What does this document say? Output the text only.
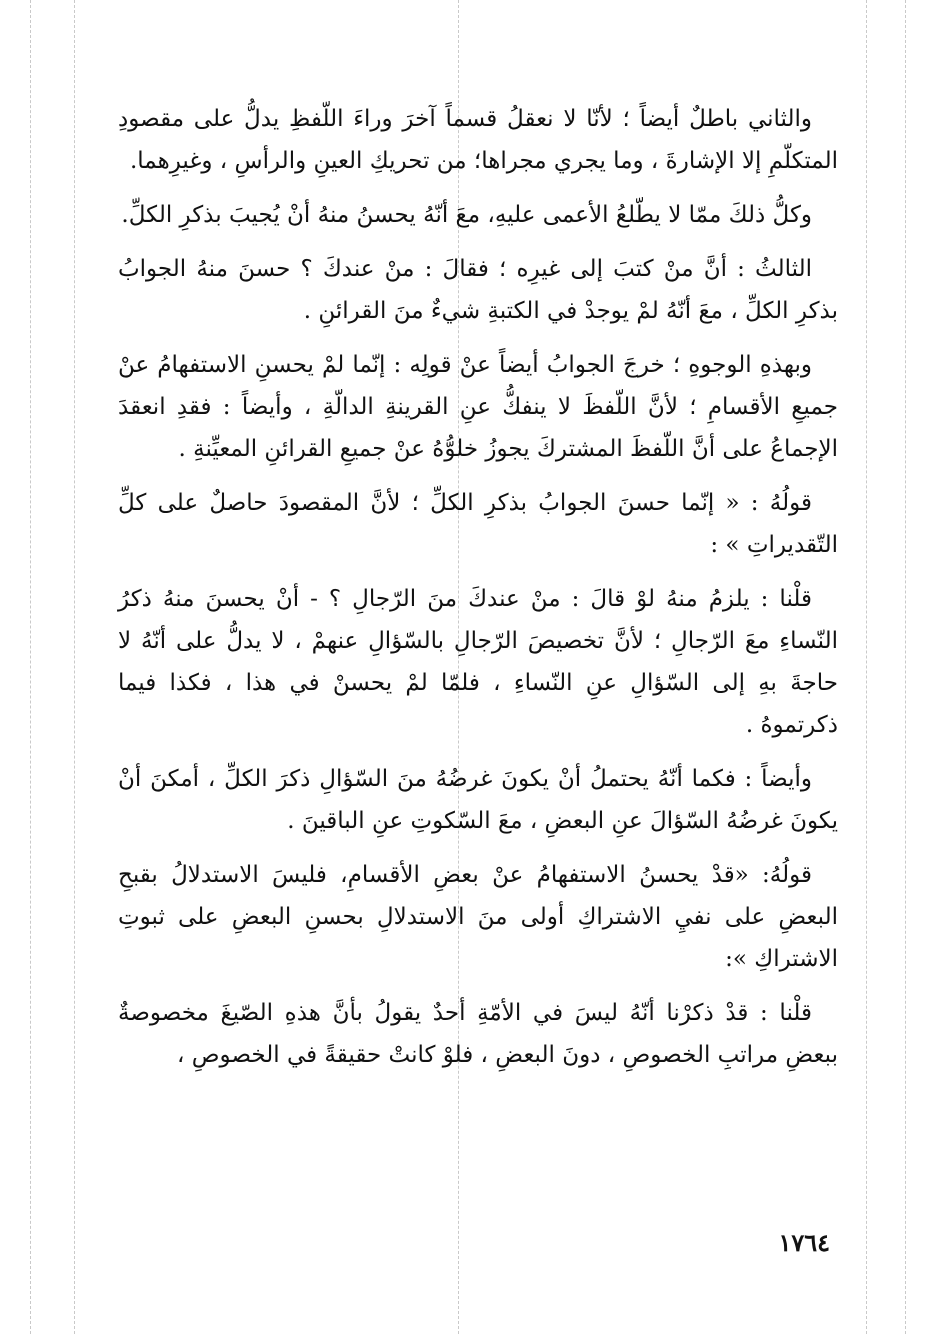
والثاني باطلٌ أيضاً ؛ لأنّا لا نعقلُ قسماً آخرَ وراءَ اللّفظِ يدلُّ على مقصودِ المتكلّمِ إلا الإشارةَ ، وما يجري مجراها؛ من تحريكِ العينِ والرأسِ ، وغيرِهما.

وكلُّ ذلكَ ممّا لا يطّلعُ الأعمى عليهِ، معَ أنّهُ يحسنُ منهُ أنْ يُجيبَ بذكرِ الكلِّ.

الثالثُ : أنَّ منْ كتبَ إلى غيرِه ؛ فقالَ : منْ عندكَ ؟ حسنَ منهُ الجوابُ بذكرِ الكلِّ ، معَ أنّهُ لمْ يوجدْ في الكتبةِ شيءٌ منَ القرائنِ .

وبهذهِ الوجوهِ ؛ خرجَ الجوابُ أيضاً عنْ قولِه : إنّما لمْ يحسنِ الاستفهامُ عنْ جميعِ الأقسامِ ؛ لأنَّ اللّفظَ لا ينفكُّ عنِ القرينةِ الدالّةِ ، وأيضاً : فقدِ انعقدَ الإجماعُ على أنَّ اللّفظَ المشتركَ يجوزُ خلوُّهُ عنْ جميعِ القرائنِ المعيِّنةِ .

قولُهُ : « إنّما حسنَ الجوابُ بذكرِ الكلِّ ؛ لأنَّ المقصودَ حاصلٌ على كلِّ التّقديراتِ » :

قلْنا : يلزمُ منهُ لوْ قالَ : منْ عندكَ منَ الرّجالِ ؟ - أنْ يحسنَ منهُ ذكرُ النّساءِ معَ الرّجالِ ؛ لأنَّ تخصيصَ الرّجالِ بالسّؤالِ عنهمْ ، لا يدلُّ على أنّهُ لا حاجةَ بهِ إلى السّؤالِ عنِ النّساءِ ، فلمّا لمْ يحسنْ في هذا ، فكذا فيما ذكرتموهُ .

وأيضاً : فكما أنّهُ يحتملُ أنْ يكونَ غرضُهُ منَ السّؤالِ ذكرَ الكلِّ ، أمكنَ أنْ يكونَ غرضُهُ السّؤالَ عنِ البعضِ ، معَ السّكوتِ عنِ الباقينَ .

قولُهُ: «قدْ يحسنُ الاستفهامُ عنْ بعضِ الأقسامِ، فليسَ الاستدلالُ بقبحِ البعضِ على نفيِ الاشتراكِ أولى منَ الاستدلالِ بحسنِ البعضِ على ثبوتِ الاشتراكِ »:

قلْنا : قدْ ذكرْنا أنّهُ ليسَ في الأمّةِ أحدٌ يقولُ بأنَّ هذهِ الصّيغَ مخصوصةٌ ببعضِ مراتبِ الخصوصِ ، دونَ البعضِ ، فلوْ كانتْ حقيقةً في الخصوصِ ،

١٧٦٤
